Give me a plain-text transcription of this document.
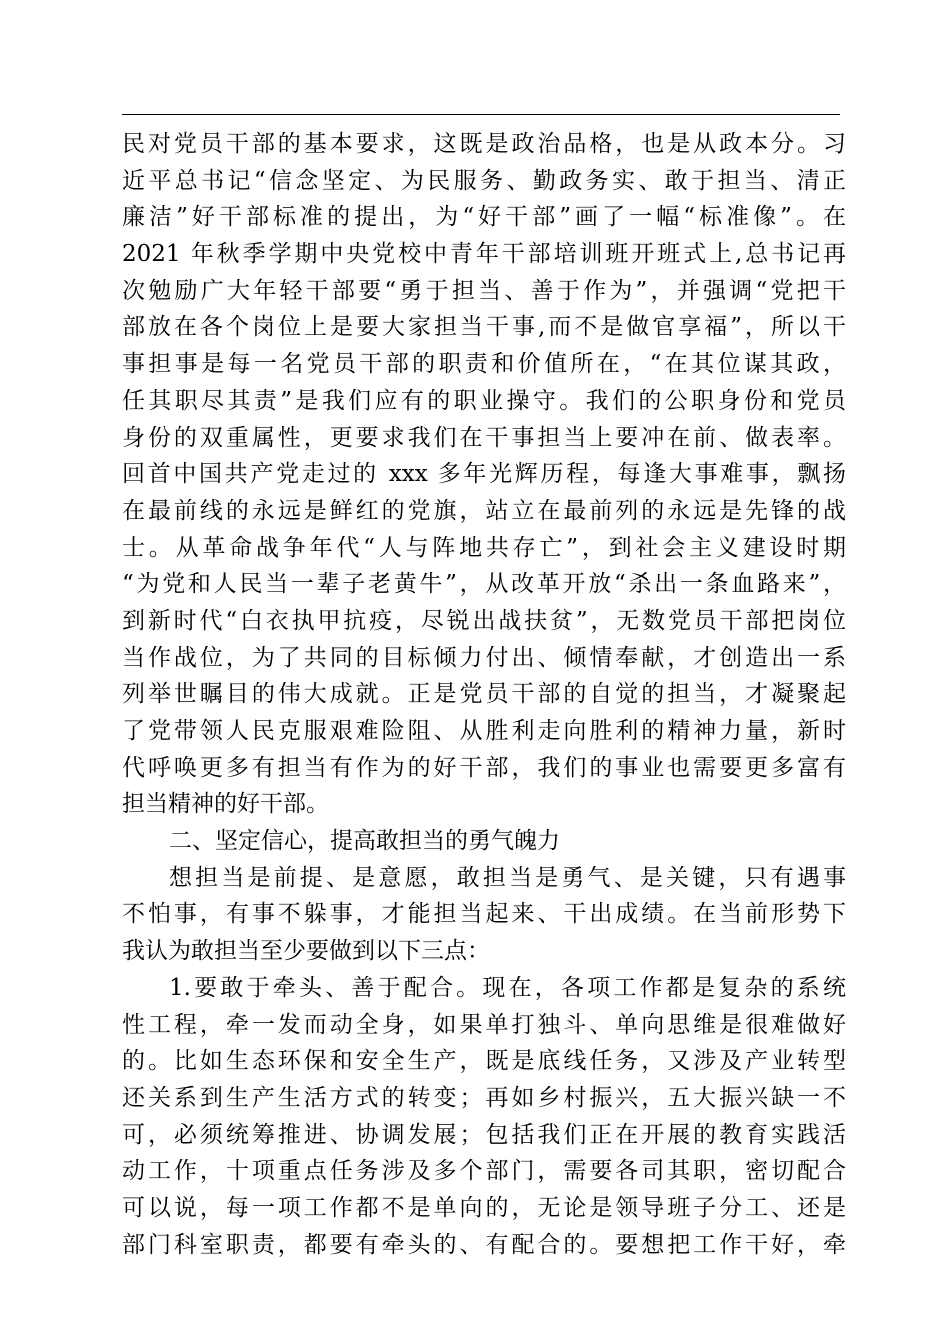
民对党员干部的基本要求，这既是政治品格，也是从政本分。习
近平总书记“信念坚定、为民服务、勤政务实、敢于担当、清正
廉洁”好干部标准的提出，为“好干部”画了一幅“标准像”。在
2021 年秋季学期中央党校中青年干部培训班开班式上,总书记再
次勉励广大年轻干部要“勇于担当、善于作为”，并强调“党把干
部放在各个岗位上是要大家担当干事,而不是做官享福”，所以干
事担事是每一名党员干部的职责和价值所在，“在其位谋其政，
任其职尽其责”是我们应有的职业操守。我们的公职身份和党员
身份的双重属性，更要求我们在干事担当上要冲在前、做表率。
回首中国共产党走过的 xxx 多年光辉历程，每逢大事难事，飘扬
在最前线的永远是鲜红的党旗，站立在最前列的永远是先锋的战
士。从革命战争年代“人与阵地共存亡”，到社会主义建设时期
“为党和人民当一辈子老黄牛”，从改革开放“杀出一条血路来”，
到新时代“白衣执甲抗疫，尽锐出战扶贫”，无数党员干部把岗位
当作战位，为了共同的目标倾力付出、倾情奉献，才创造出一系
列举世瞩目的伟大成就。正是党员干部的自觉的担当，才凝聚起
了党带领人民克服艰难险阻、从胜利走向胜利的精神力量，新时
代呼唤更多有担当有作为的好干部，我们的事业也需要更多富有
担当精神的好干部。
二、坚定信心，提高敢担当的勇气魄力
想担当是前提、是意愿，敢担当是勇气、是关键，只有遇事
不怕事，有事不躲事，才能担当起来、干出成绩。在当前形势下
我认为敢担当至少要做到以下三点：
1.要敢于牵头、善于配合。现在，各项工作都是复杂的系统
性工程，牵一发而动全身，如果单打独斗、单向思维是很难做好
的。比如生态环保和安全生产，既是底线任务，又涉及产业转型
还关系到生产生活方式的转变；再如乡村振兴，五大振兴缺一不
可，必须统筹推进、协调发展；包括我们正在开展的教育实践活
动工作，十项重点任务涉及多个部门，需要各司其职，密切配合
可以说，每一项工作都不是单向的，无论是领导班子分工、还是
部门科室职责，都要有牵头的、有配合的。要想把工作干好，牵
